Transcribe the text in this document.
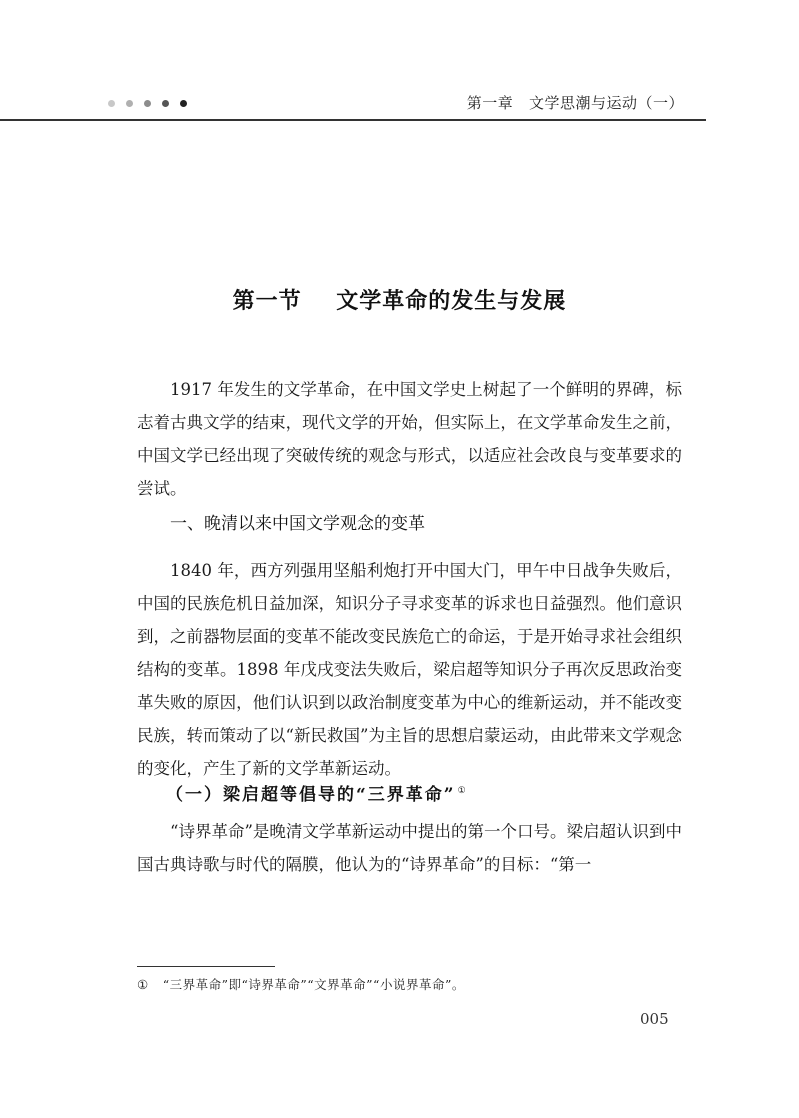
第一章   文学思潮与运动（一）
第一节    文学革命的发生与发展

1917 年发生的文学革命，在中国文学史上树起了一个鲜明的界碑，标志着古典文学的结束，现代文学的开始，但实际上，在文学革命发生之前，中国文学已经出现了突破传统的观念与形式，以适应社会改良与变革要求的尝试。

一、晚清以来中国文学观念的变革

1840 年，西方列强用坚船利炮打开中国大门，甲午中日战争失败后，中国的民族危机日益加深，知识分子寻求变革的诉求也日益强烈。他们意识到，之前器物层面的变革不能改变民族危亡的命运，于是开始寻求社会组织结构的变革。1898 年戊戌变法失败后，梁启超等知识分子再次反思政治变革失败的原因，他们认识到以政治制度变革为中心的维新运动，并不能改变民族，转而策动了以“新民救国”为主旨的思想启蒙运动，由此带来文学观念的变化，产生了新的文学革新运动。

（一）梁启超等倡导的“三界革命” ①

“诗界革命”是晚清文学革新运动中提出的第一个口号。梁启超认识到中国古典诗歌与时代的隔膜，他认为的“诗界革命”的目标：“第一

① “三界革命”即“诗界革命”“文界革命”“小说界革命”。
005
